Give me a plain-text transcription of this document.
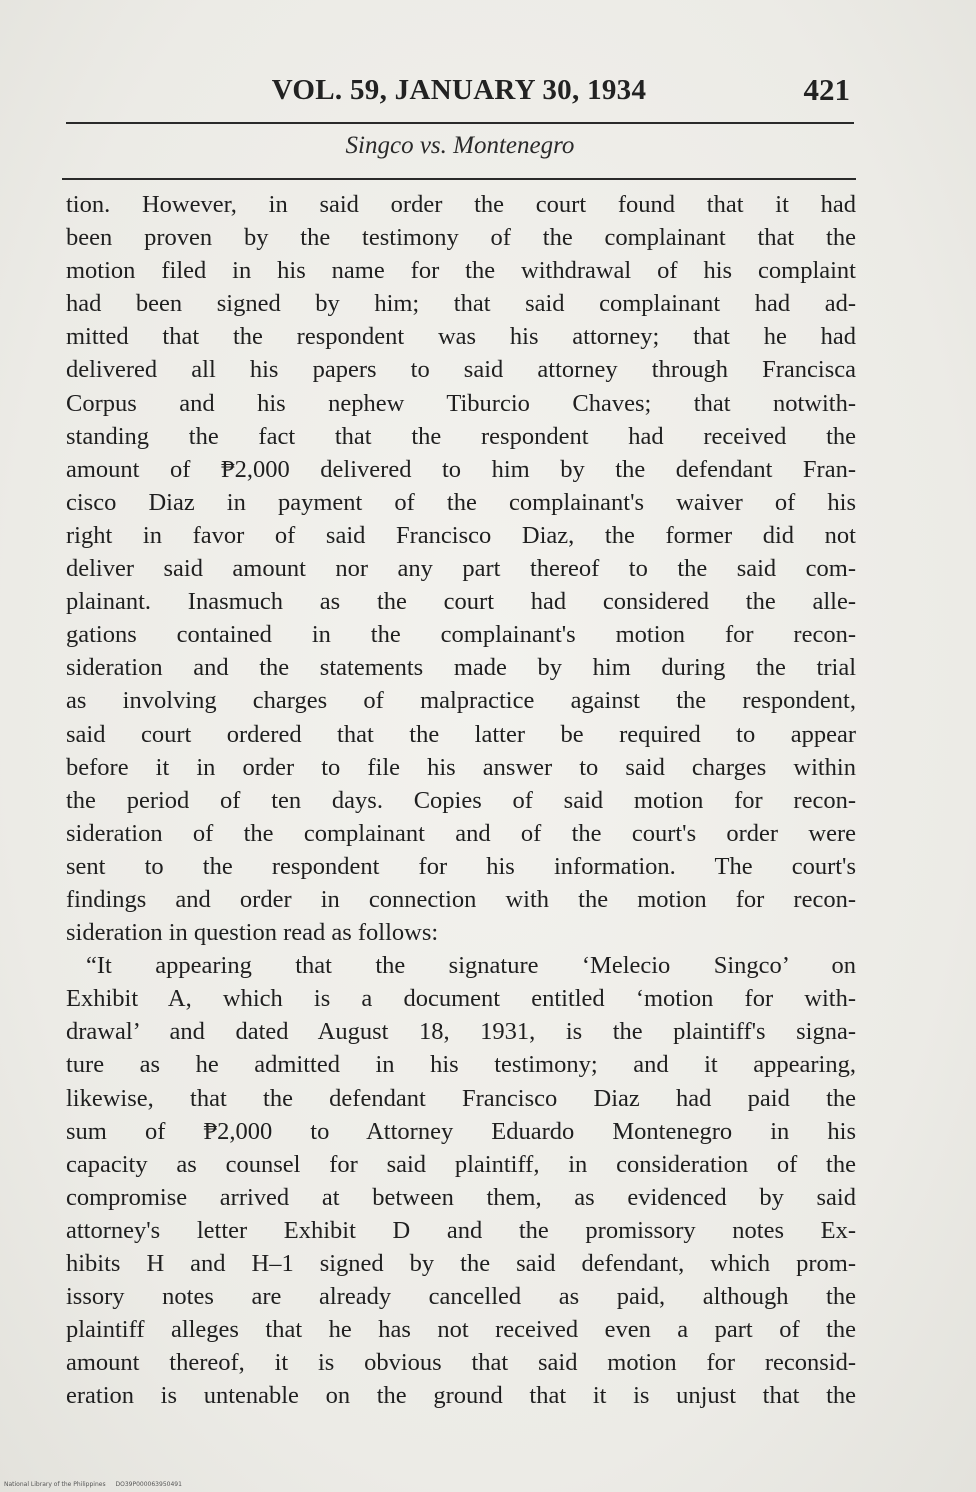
VOL. 59, JANUARY 30, 1934	421
Singco vs. Montenegro
tion. However, in said order the court found that it had
been proven by the testimony of the complainant that the
motion filed in his name for the withdrawal of his complaint
had been signed by him; that said complainant had ad-
mitted that the respondent was his attorney; that he had
delivered all his papers to said attorney through Francisca
Corpus and his nephew Tiburcio Chaves; that notwith-
standing the fact that the respondent had received the
amount of ₱2,000 delivered to him by the defendant Fran-
cisco Diaz in payment of the complainant's waiver of his
right in favor of said Francisco Diaz, the former did not
deliver said amount nor any part thereof to the said com-
plainant. Inasmuch as the court had considered the alle-
gations contained in the complainant's motion for recon-
sideration and the statements made by him during the trial
as involving charges of malpractice against the respondent,
said court ordered that the latter be required to appear
before it in order to file his answer to said charges within
the period of ten days. Copies of said motion for recon-
sideration of the complainant and of the court's order were
sent to the respondent for his information. The court's
findings and order in connection with the motion for recon-
sideration in question read as follows:
“It appearing that the signature ‘Melecio Singco’ on
Exhibit A, which is a document entitled ‘motion for with-
drawal’ and dated August 18, 1931, is the plaintiff's signa-
ture as he admitted in his testimony; and it appearing,
likewise, that the defendant Francisco Diaz had paid the
sum of ₱2,000 to Attorney Eduardo Montenegro in his
capacity as counsel for said plaintiff, in consideration of the
compromise arrived at between them, as evidenced by said
attorney's letter Exhibit D and the promissory notes Ex-
hibits H and H–1 signed by the said defendant, which prom-
issory notes are already cancelled as paid, although the
plaintiff alleges that he has not received even a part of the
amount thereof, it is obvious that said motion for reconsid-
eration is untenable on the ground that it is unjust that the
National Library of the Philippines DO39P000063950491
